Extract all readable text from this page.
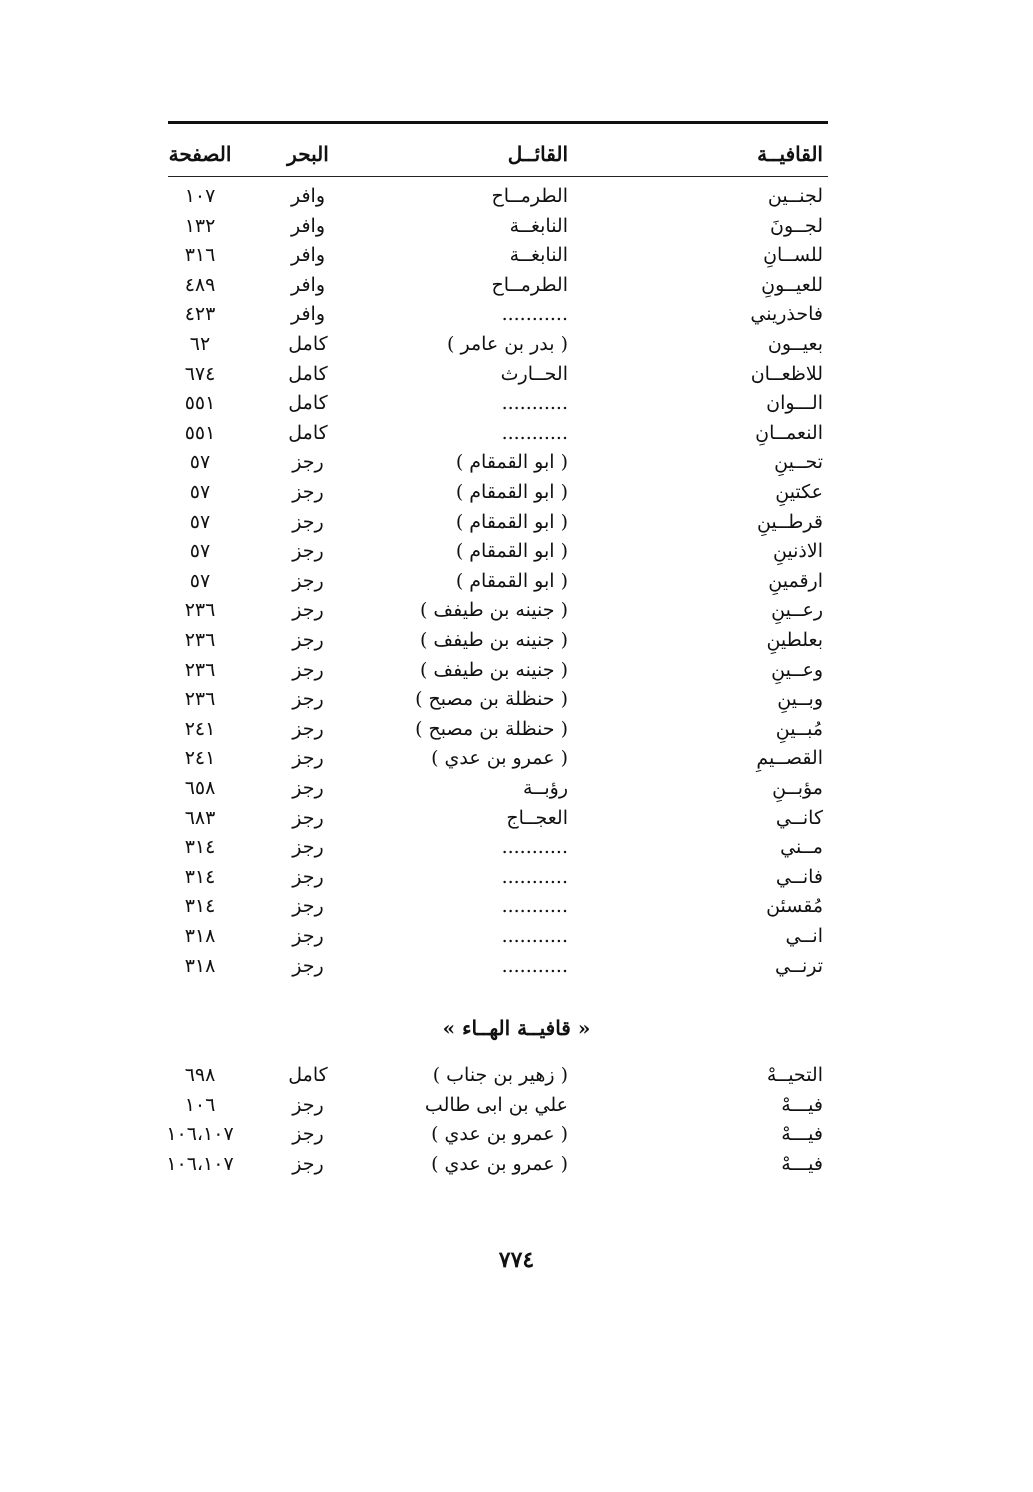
القافيــة
القائــل
البحر
الصفحة
لجنــين
الطرمــاح
وافر
١٠٧
لجــونَ
النابغــة
وافر
١٣٢
للســانِ
النابغــة
وافر
٣١٦
للعيــونِ
الطرمــاح
وافر
٤٨٩
فاحذريني
...........
وافر
٤٢٣
بعيــون
( بدر بن عامر )
كامل
٦٢
للاظعــان
الحــارث
كامل
٦٧٤
الـــوان
...........
كامل
٥٥١
النعمــانِ
...........
كامل
٥٥١
تحــينِ
( ابو القمقام )
رجز
٥٧
عكتينِ
( ابو القمقام )
رجز
٥٧
قرطــينِ
( ابو القمقام )
رجز
٥٧
الاذنينِ
( ابو القمقام )
رجز
٥٧
ارقمينِ
( ابو القمقام )
رجز
٥٧
رعــينِ
( جنينه بن طيفف )
رجز
٢٣٦
بعلطينِ
( جنينه بن طيفف )
رجز
٢٣٦
وعــينِ
( جنينه بن طيفف )
رجز
٢٣٦
وبــينِ
( حنظلة بن مصبح )
رجز
٢٣٦
مُبــينِ
( حنظلة بن مصبح )
رجز
٢٤١
القصــيمِ
( عمرو بن عدي )
رجز
٢٤١
مؤبــنِ
رؤبــة
رجز
٦٥٨
كانــي
العجــاج
رجز
٦٨٣
مــني
...........
رجز
٣١٤
فانــي
...........
رجز
٣١٤
مُقسئن
...........
رجز
٣١٤
انــي
...........
رجز
٣١٨
ترنــي
...........
رجز
٣١٨
« قافيــة الهــاء »
التحيــهْ
( زهير بن جناب )
كامل
٦٩٨
فيـــهْ
علي بن ابى طالب
رجز
١٠٦
فيـــهْ
( عمرو بن عدي )
رجز
١٠٦،١٠٧
فيـــهْ
( عمرو بن عدي )
رجز
١٠٦،١٠٧
٧٧٤
